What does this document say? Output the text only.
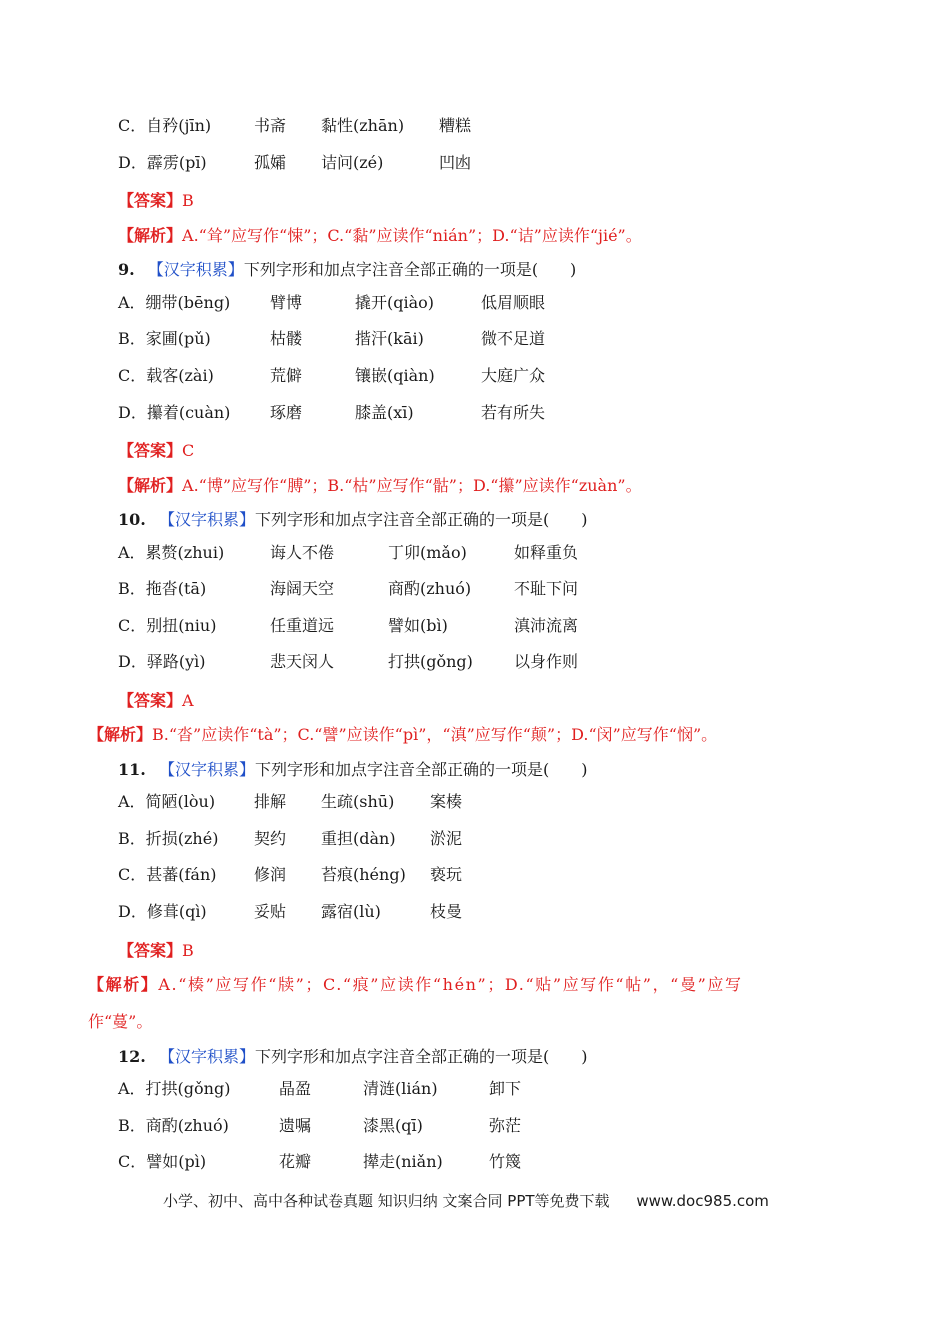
C．自矜(jīn)	书斋 黏性(zhān) 糟糕
D．霹雳(pī)	孤孀 诘问(zé)	凹凼
【答案】B
【解析】A.“耸”应写作“悚”；C.“黏”应读作“nián”；D.“诘”应读作“jié”。
9. 【汉字积累】下列字形和加点字注音全部正确的一项是(　　)
A．绷带(bēng) 臂博	撬开(qiào)	低眉顺眼
B．家圃(pǔ)	枯髅	揩汗(kāi)	微不足道
C．载客(zài)	荒僻	镶嵌(qiàn)	大庭广众
D．攥着(cuàn) 琢磨	膝盖(xī)	若有所失
【答案】C
【解析】A.“博”应写作“膊”；B.“枯”应写作“骷”；D.“攥”应读作“zuàn”。
10. 【汉字积累】下列字形和加点字注音全部正确的一项是(　　)
A．累赘(zhui)	诲人不倦	丁卯(mǎo)	如释重负
B．拖沓(tā)	海阔天空	商酌(zhuó)	不耻下问
C．别扭(niu)	任重道远	譬如(bì)	滇沛流离
D．驿路(yì)	悲天闵人	打拱(gǒng)	以身作则
【答案】A
【解析】B.“沓”应读作“tà”；C.“譬”应读作“pì”，“滇”应写作“颠”；D.“闵”应写作“悯”。
11. 【汉字积累】下列字形和加点字注音全部正确的一项是(　　)
A．简陋(lòu) 排解 生疏(shū) 案楱
B．折损(zhé) 契约 重担(dàn) 淤泥
C．甚蕃(fán) 修润 苔痕(héng) 亵玩
D．修葺(qì)	妥贴 露宿(lù)	枝曼
【答案】B
【解析】A.“楱”应写作“牍”；C.“痕”应读作“hén”；D.“贴”应写作“帖”，“曼”应写
作“蔓”。
12. 【汉字积累】下列字形和加点字注音全部正确的一项是(　　)
A．打拱(gǒng)	晶盈	清涟(lián)	卸下
B．商酌(zhuó)	遗嘱	漆黑(qī)	弥茫
C．譬如(pì)	花瓣	撵走(niǎn)	竹篾
小学、初中、高中各种试卷真题 知识归纳 文案合同 PPT等免费下载 www.doc985.com
